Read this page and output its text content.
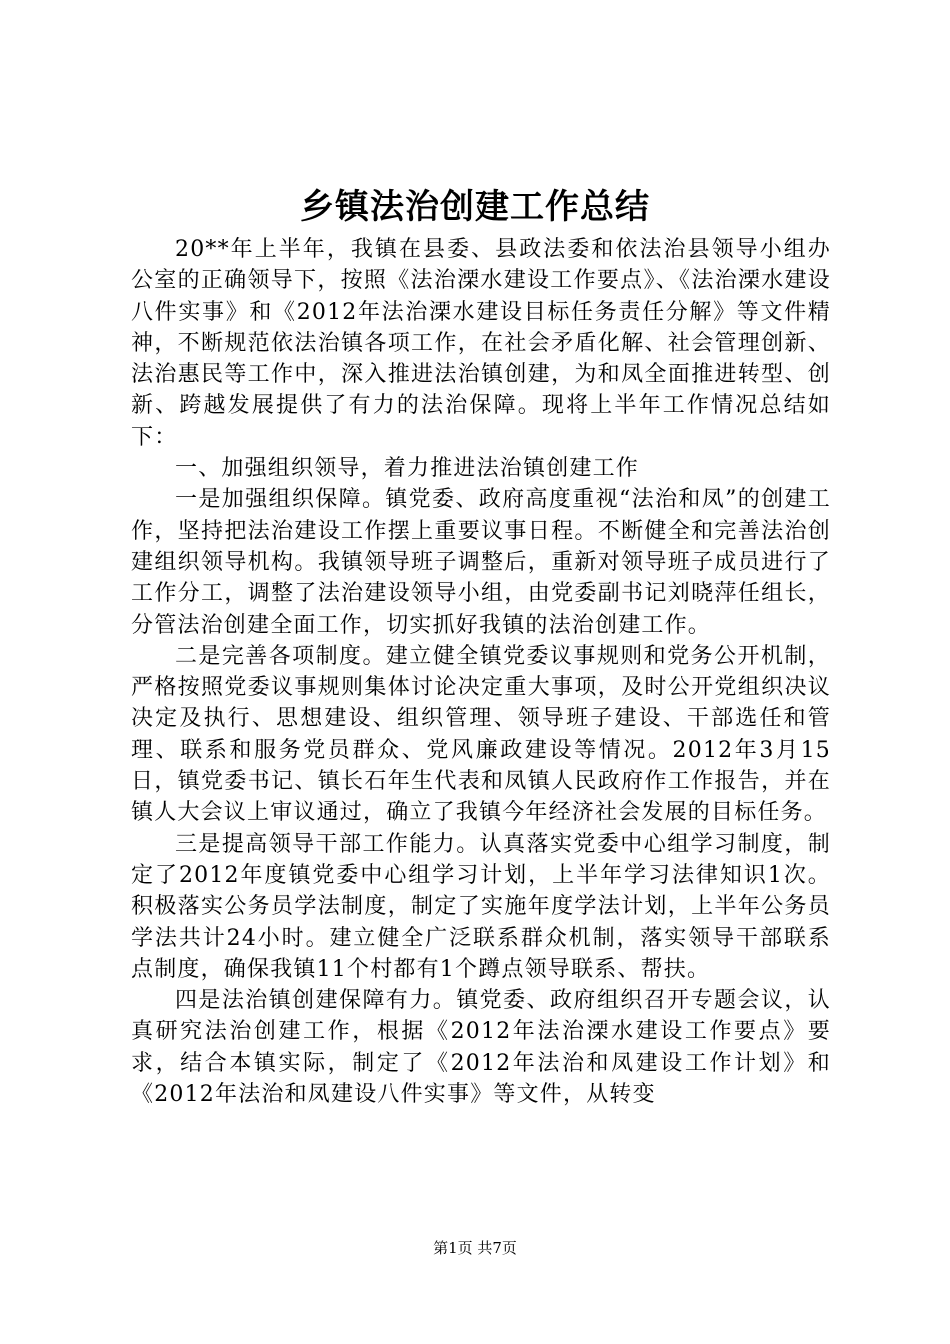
乡镇法治创建工作总结

20**年上半年，我镇在县委、县政法委和依法治县领导小组办公室的正确领导下，按照《法治溧水建设工作要点》、《法治溧水建设八件实事》和《2012年法治溧水建设目标任务责任分解》等文件精神，不断规范依法治镇各项工作，在社会矛盾化解、社会管理创新、法治惠民等工作中，深入推进法治镇创建，为和凤全面推进转型、创新、跨越发展提供了有力的法治保障。现将上半年工作情况总结如下：

一、加强组织领导，着力推进法治镇创建工作

一是加强组织保障。镇党委、政府高度重视“法治和凤”的创建工作，坚持把法治建设工作摆上重要议事日程。不断健全和完善法治创建组织领导机构。我镇领导班子调整后，重新对领导班子成员进行了工作分工，调整了法治建设领导小组，由党委副书记刘晓萍任组长，分管法治创建全面工作，切实抓好我镇的法治创建工作。

二是完善各项制度。建立健全镇党委议事规则和党务公开机制，严格按照党委议事规则集体讨论决定重大事项，及时公开党组织决议决定及执行、思想建设、组织管理、领导班子建设、干部选任和管理、联系和服务党员群众、党风廉政建设等情况。2012年3月15日，镇党委书记、镇长石年生代表和凤镇人民政府作工作报告，并在镇人大会议上审议通过，确立了我镇今年经济社会发展的目标任务。

三是提高领导干部工作能力。认真落实党委中心组学习制度，制定了2012年度镇党委中心组学习计划，上半年学习法律知识1次。积极落实公务员学法制度，制定了实施年度学法计划，上半年公务员学法共计24小时。建立健全广泛联系群众机制，落实领导干部联系点制度，确保我镇11个村都有1个蹲点领导联系、帮扶。

四是法治镇创建保障有力。镇党委、政府组织召开专题会议，认真研究法治创建工作，根据《2012年法治溧水建设工作要点》要求，结合本镇实际，制定了《2012年法治和凤建设工作计划》和《2012年法治和凤建设八件实事》等文件，从转变

第1页 共7页
